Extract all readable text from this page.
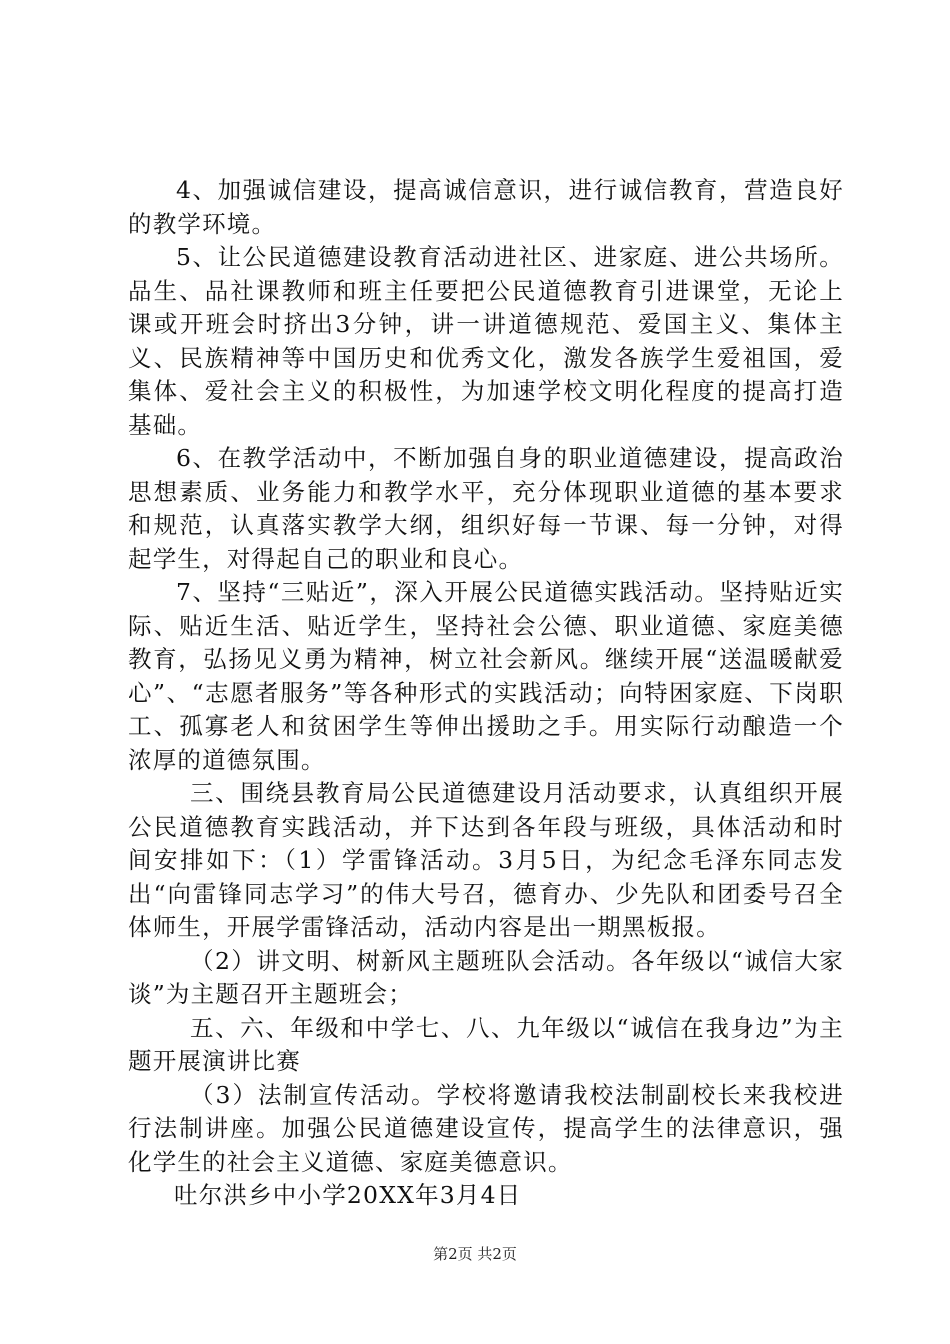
4、加强诚信建设，提高诚信意识，进行诚信教育，营造良好的教学环境。

5、让公民道德建设教育活动进社区、进家庭、进公共场所。品生、品社课教师和班主任要把公民道德教育引进课堂，无论上课或开班会时挤出3分钟，讲一讲道德规范、爱国主义、集体主义、民族精神等中国历史和优秀文化，激发各族学生爱祖国，爱集体、爱社会主义的积极性，为加速学校文明化程度的提高打造基础。

6、在教学活动中，不断加强自身的职业道德建设，提高政治思想素质、业务能力和教学水平，充分体现职业道德的基本要求和规范，认真落实教学大纲，组织好每一节课、每一分钟，对得起学生，对得起自己的职业和良心。

7、坚持“三贴近”，深入开展公民道德实践活动。坚持贴近实际、贴近生活、贴近学生，坚持社会公德、职业道德、家庭美德教育，弘扬见义勇为精神，树立社会新风。继续开展“送温暖献爱心”、“志愿者服务”等各种形式的实践活动；向特困家庭、下岗职工、孤寡老人和贫困学生等伸出援助之手。用实际行动酿造一个浓厚的道德氛围。

三、围绕县教育局公民道德建设月活动要求，认真组织开展公民道德教育实践活动，并下达到各年段与班级，具体活动和时间安排如下：（1）学雷锋活动。3月5日，为纪念毛泽东同志发出“向雷锋同志学习”的伟大号召，德育办、少先队和团委号召全体师生，开展学雷锋活动，活动内容是出一期黑板报。

（2）讲文明、树新风主题班队会活动。各年级以“诚信大家谈”为主题召开主题班会；

五、六、年级和中学七、八、九年级以“诚信在我身边”为主题开展演讲比赛

（3）法制宣传活动。学校将邀请我校法制副校长来我校进行法制讲座。加强公民道德建设宣传，提高学生的法律意识，强化学生的社会主义道德、家庭美德意识。

吐尔洪乡中小学20XX年3月4日

第2页 共2页
